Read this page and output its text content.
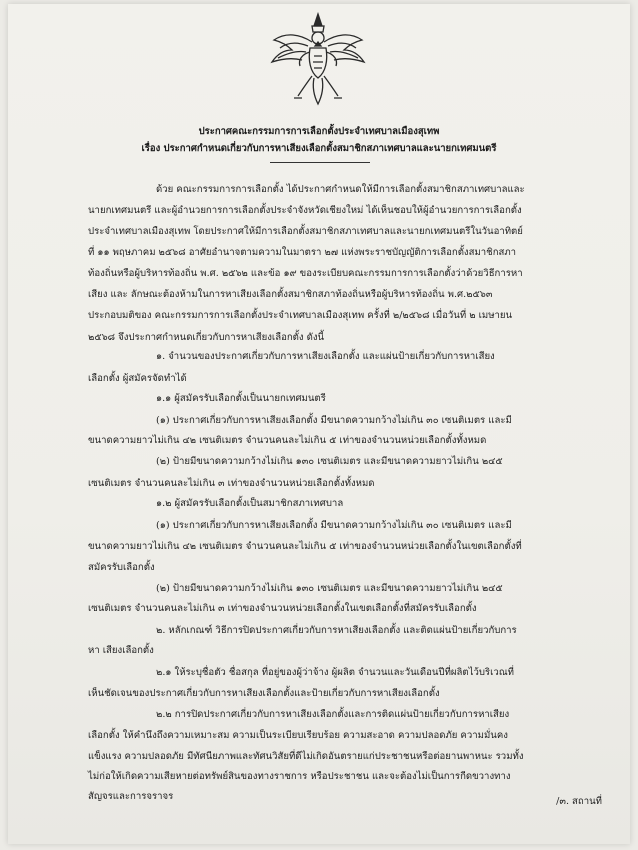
ประกาศคณะกรรมการการเลือกตั้งประจำเทศบาลเมืองสุเทพ
เรื่อง ประกาศกำหนดเกี่ยวกับการหาเสียงเลือกตั้งสมาชิกสภาเทศบาลและนายกเทศมนตรี
ด้วย คณะกรรมการการเลือกตั้ง ได้ประกาศกำหนดให้มีการเลือกตั้งสมาชิกสภาเทศบาลและ
นายกเทศมนตรี และผู้อำนวยการการเลือกตั้งประจำจังหวัดเชียงใหม่ ได้เห็นชอบให้ผู้อำนวยการการเลือกตั้ง
ประจำเทศบาลเมืองสุเทพ โดยประกาศให้มีการเลือกตั้งสมาชิกสภาเทศบาลและนายกเทศมนตรีในวันอาทิตย์
ที่ ๑๑ พฤษภาคม ๒๕๖๘ อาศัยอำนาจตามความในมาตรา ๒๗ แห่งพระราชบัญญัติการเลือกตั้งสมาชิกสภา
ท้องถิ่นหรือผู้บริหารท้องถิ่น พ.ศ. ๒๕๖๒ และข้อ ๑๙ ของระเบียบคณะกรรมการการเลือกตั้งว่าด้วยวิธีการหา
เสียง และ ลักษณะต้องห้ามในการหาเสียงเลือกตั้งสมาชิกสภาท้องถิ่นหรือผู้บริหารท้องถิ่น พ.ศ.๒๕๖๓
ประกอบมติของ คณะกรรมการการเลือกตั้งประจำเทศบาลเมืองสุเทพ ครั้งที่ ๒/๒๕๖๘ เมื่อวันที่ ๒ เมษายน
๒๕๖๘ จึงประกาศกำหนดเกี่ยวกับการหาเสียงเลือกตั้ง ดังนี้
๑. จำนวนของประกาศเกี่ยวกับการหาเสียงเลือกตั้ง และแผ่นป้ายเกี่ยวกับการหาเสียง
เลือกตั้ง ผู้สมัครจัดทำได้
๑.๑ ผู้สมัครรับเลือกตั้งเป็นนายกเทศมนตรี
(๑) ประกาศเกี่ยวกับการหาเสียงเลือกตั้ง มีขนาดความกว้างไม่เกิน ๓๐ เซนติเมตร และมี
ขนาดความยาวไม่เกิน ๔๒ เซนติเมตร จำนวนคนละไม่เกิน ๕ เท่าของจำนวนหน่วยเลือกตั้งทั้งหมด
(๒) ป้ายมีขนาดความกว้างไม่เกิน ๑๓๐ เซนติเมตร และมีขนาดความยาวไม่เกิน ๒๔๕
เซนติเมตร จำนวนคนละไม่เกิน ๓ เท่าของจำนวนหน่วยเลือกตั้งทั้งหมด
๑.๒ ผู้สมัครรับเลือกตั้งเป็นสมาชิกสภาเทศบาล
(๑) ประกาศเกี่ยวกับการหาเสียงเลือกตั้ง มีขนาดความกว้างไม่เกิน ๓๐ เซนติเมตร และมี
ขนาดความยาวไม่เกิน ๔๒ เซนติเมตร จำนวนคนละไม่เกิน ๕ เท่าของจำนวนหน่วยเลือกตั้งในเขตเลือกตั้งที่
สมัครรับเลือกตั้ง
(๒) ป้ายมีขนาดความกว้างไม่เกิน ๑๓๐ เซนติเมตร และมีขนาดความยาวไม่เกิน ๒๔๕
เซนติเมตร จำนวนคนละไม่เกิน ๓ เท่าของจำนวนหน่วยเลือกตั้งในเขตเลือกตั้งที่สมัครรับเลือกตั้ง
๒. หลักเกณฑ์ วิธีการปิดประกาศเกี่ยวกับการหาเสียงเลือกตั้ง และติดแผ่นป้ายเกี่ยวกับการ
หา เสียงเลือกตั้ง
๒.๑ ให้ระบุชื่อตัว ชื่อสกุล ที่อยู่ของผู้ว่าจ้าง ผู้ผลิต จำนวนและวันเดือนปีที่ผลิตไว้บริเวณที่
เห็นชัดเจนของประกาศเกี่ยวกับการหาเสียงเลือกตั้งและป้ายเกี่ยวกับการหาเสียงเลือกตั้ง
๒.๒ การปิดประกาศเกี่ยวกับการหาเสียงเลือกตั้งและการติดแผ่นป้ายเกี่ยวกับการหาเสียง
เลือกตั้ง ให้คำนึงถึงความเหมาะสม ความเป็นระเบียบเรียบร้อย ความสะอาด ความปลอดภัย ความมั่นคง
แข็งแรง ความปลอดภัย มีทัศนียภาพและทัศนวิสัยที่ดีไม่เกิดอันตรายแก่ประชาชนหรือต่อยานพาหนะ รวมทั้ง
ไม่ก่อให้เกิดความเสียหายต่อทรัพย์สินของทางราชการ หรือประชาชน และจะต้องไม่เป็นการกีดขวางทาง
สัญจรและการจราจร	/๓. สถานที่
